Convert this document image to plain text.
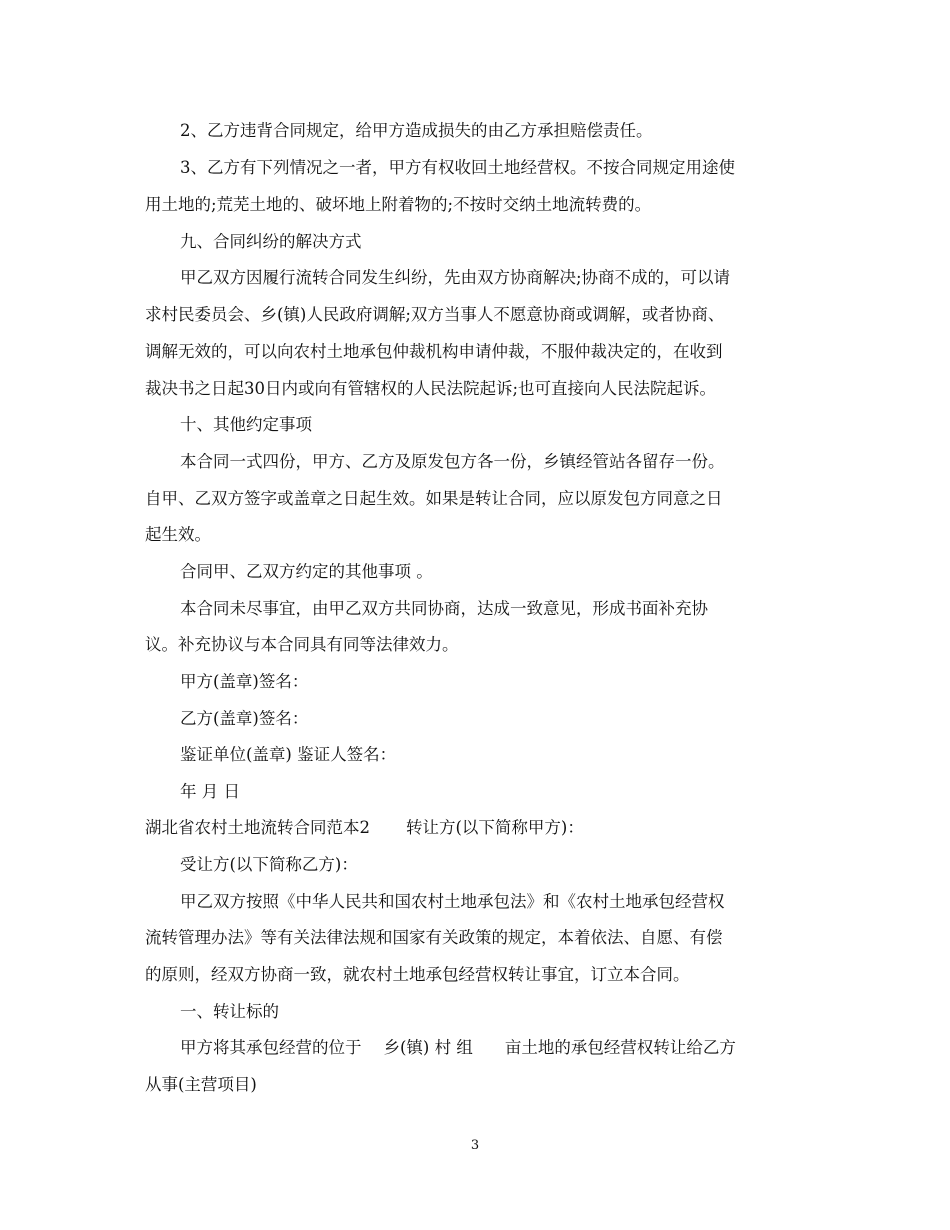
2、乙方违背合同规定，给甲方造成损失的由乙方承担赔偿责任。
3、乙方有下列情况之一者，甲方有权收回土地经营权。不按合同规定用途使
用土地的;荒芜土地的、破坏地上附着物的;不按时交纳土地流转费的。
九、合同纠纷的解决方式
甲乙双方因履行流转合同发生纠纷，先由双方协商解决;协商不成的，可以请
求村民委员会、乡(镇)人民政府调解;双方当事人不愿意协商或调解，或者协商、
调解无效的，可以向农村土地承包仲裁机构申请仲裁，不服仲裁决定的，在收到
裁决书之日起30日内或向有管辖权的人民法院起诉;也可直接向人民法院起诉。
十、其他约定事项
本合同一式四份，甲方、乙方及原发包方各一份，乡镇经管站各留存一份。
自甲、乙双方签字或盖章之日起生效。如果是转让合同，应以原发包方同意之日
起生效。
合同甲、乙双方约定的其他事项 。
本合同未尽事宜，由甲乙双方共同协商，达成一致意见，形成书面补充协
议。补充协议与本合同具有同等法律效力。
甲方(盖章)签名：
乙方(盖章)签名：
鉴证单位(盖章) 鉴证人签名：
年 月 日
湖北省农村土地流转合同范本2 转让方(以下简称甲方)：
受让方(以下简称乙方)：
甲乙双方按照《中华人民共和国农村土地承包法》和《农村土地承包经营权
流转管理办法》等有关法律法规和国家有关政策的规定，本着依法、自愿、有偿
的原则，经双方协商一致，就农村土地承包经营权转让事宜，订立本合同。
一、转让标的
甲方将其承包经营的位于 乡(镇) 村 组 亩土地的承包经营权转让给乙方
从事(主营项目)
3
